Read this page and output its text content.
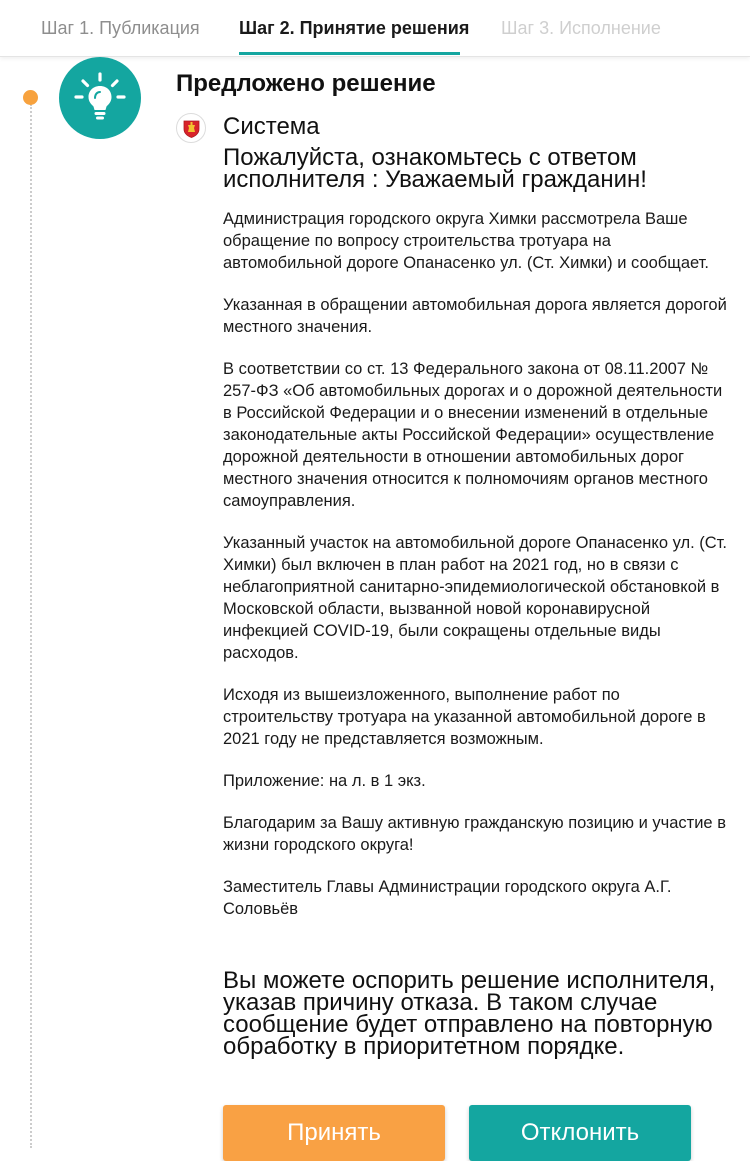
Шаг 1. Публикация Шаг 2. Принятие решения Шаг 3. Исполнение
Предложено решение
Система

Пожалуйста, ознакомьтесь с ответом исполнителя : Уважаемый гражданин!

Администрация городского округа Химки рассмотрела Ваше обращение по вопросу строительства тротуара на автомобильной дороге Опанасенко ул. (Ст. Химки) и сообщает.

Указанная в обращении автомобильная дорога является дорогой местного значения.

В соответствии со ст. 13 Федерального закона от 08.11.2007 № 257-ФЗ «Об автомобильных дорогах и о дорожной деятельности в Российской Федерации и о внесении изменений в отдельные законодательные акты Российской Федерации» осуществление дорожной деятельности в отношении автомобильных дорог местного значения относится к полномочиям органов местного самоуправления.

Указанный участок на автомобильной дороге Опанасенко ул. (Ст. Химки) был включен в план работ на 2021 год, но в связи с неблагоприятной санитарно-эпидемиологической обстановкой в Московской области, вызванной новой коронавирусной инфекцией COVID-19, были сокращены отдельные виды расходов.

Исходя из вышеизложенного, выполнение работ по строительству тротуара на указанной автомобильной дороге в 2021 году не представляется возможным.

Приложение: на л. в 1 экз.

Благодарим за Вашу активную гражданскую позицию и участие в жизни городского округа!

Заместитель Главы Администрации городского округа А.Г. Соловьёв

Вы можете оспорить решение исполнителя, указав причину отказа. В таком случае сообщение будет отправлено на повторную обработку в приоритетном порядке.

Принять	Отклонить
